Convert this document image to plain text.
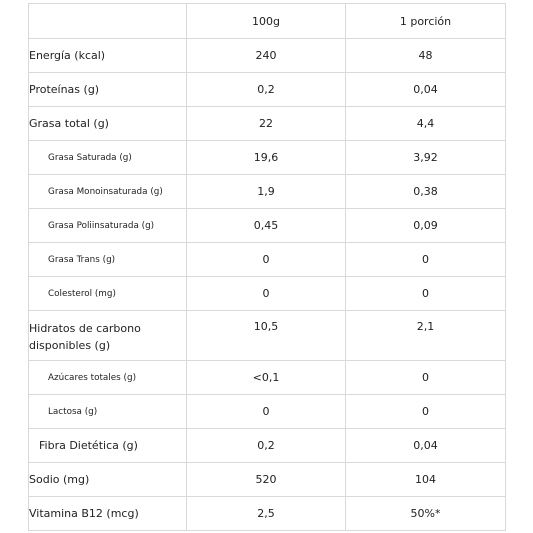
	100g	1 porción
Energía (kcal)	240	48
Proteínas (g)	0,2	0,04
Grasa total (g)	22	4,4
Grasa Saturada (g)	19,6	3,92
Grasa Monoinsaturada (g)	1,9	0,38
Grasa Poliinsaturada (g)	0,45	0,09
Grasa Trans (g)	0	0
Colesterol (mg)	0	0
Hidratos de carbono disponibles (g)	10,5	2,1
Azúcares totales (g)	<0,1	0
Lactosa (g)	0	0
Fibra Dietética (g)	0,2	0,04
Sodio (mg)	520	104
Vitamina B12 (mcg)	2,5	50%*
